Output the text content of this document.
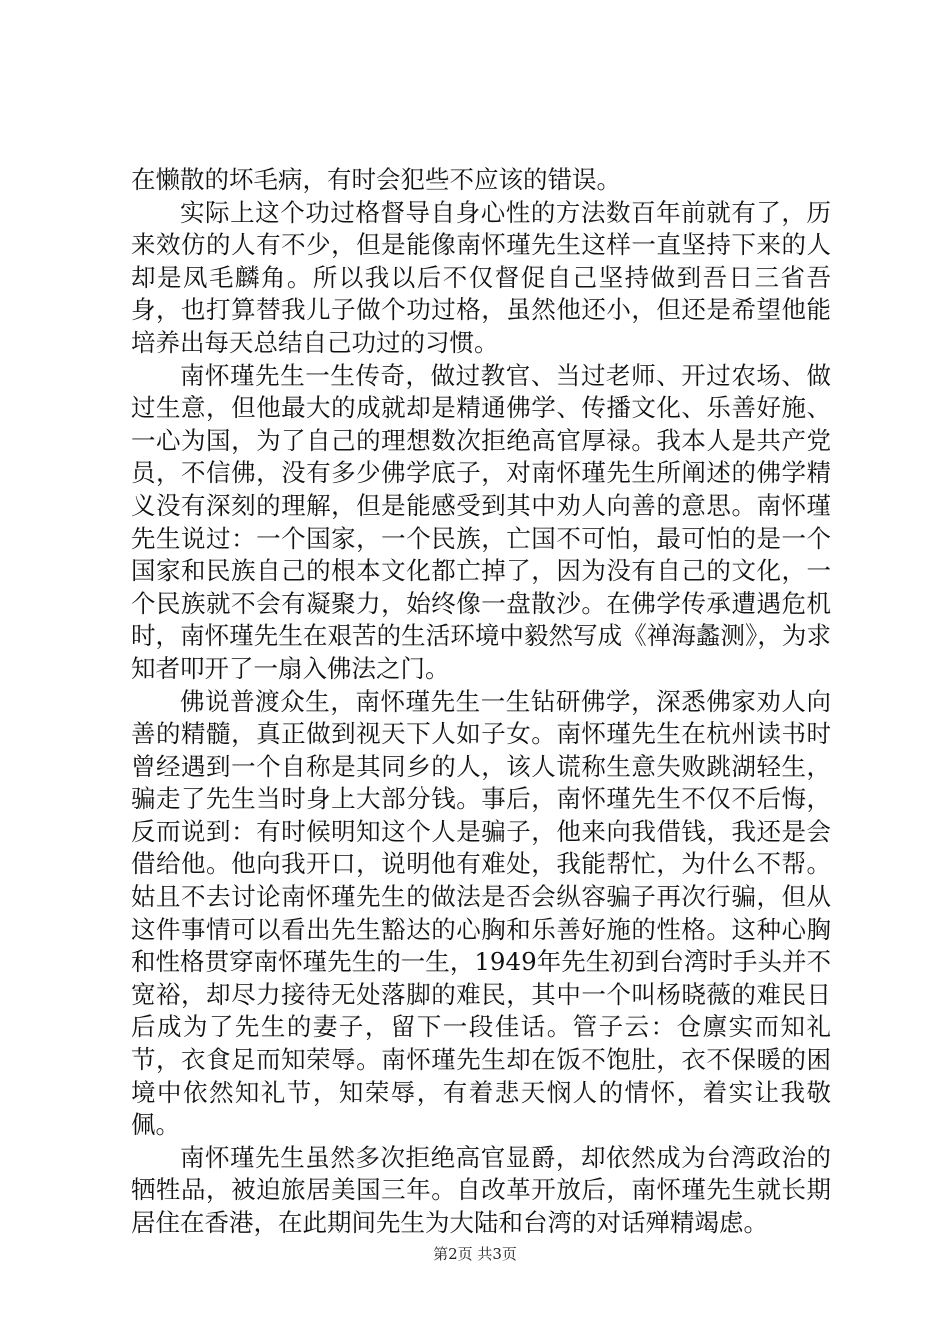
在懒散的坏毛病，有时会犯些不应该的错误。

实际上这个功过格督导自身心性的方法数百年前就有了，历来效仿的人有不少，但是能像南怀瑾先生这样一直坚持下来的人却是凤毛麟角。所以我以后不仅督促自己坚持做到吾日三省吾身，也打算替我儿子做个功过格，虽然他还小，但还是希望他能培养出每天总结自己功过的习惯。

南怀瑾先生一生传奇，做过教官、当过老师、开过农场、做过生意，但他最大的成就却是精通佛学、传播文化、乐善好施、一心为国，为了自己的理想数次拒绝高官厚禄。我本人是共产党员，不信佛，没有多少佛学底子，对南怀瑾先生所阐述的佛学精义没有深刻的理解，但是能感受到其中劝人向善的意思。南怀瑾先生说过：一个国家，一个民族，亡国不可怕，最可怕的是一个国家和民族自己的根本文化都亡掉了，因为没有自己的文化，一个民族就不会有凝聚力，始终像一盘散沙。在佛学传承遭遇危机时，南怀瑾先生在艰苦的生活环境中毅然写成《禅海蠡测》，为求知者叩开了一扇入佛法之门。

佛说普渡众生，南怀瑾先生一生钻研佛学，深悉佛家劝人向善的精髓，真正做到视天下人如子女。南怀瑾先生在杭州读书时曾经遇到一个自称是其同乡的人，该人谎称生意失败跳湖轻生，骗走了先生当时身上大部分钱。事后，南怀瑾先生不仅不后悔，反而说到：有时候明知这个人是骗子，他来向我借钱，我还是会借给他。他向我开口，说明他有难处，我能帮忙，为什么不帮。姑且不去讨论南怀瑾先生的做法是否会纵容骗子再次行骗，但从这件事情可以看出先生豁达的心胸和乐善好施的性格。这种心胸和性格贯穿南怀瑾先生的一生，1949年先生初到台湾时手头并不宽裕，却尽力接待无处落脚的难民，其中一个叫杨晓薇的难民日后成为了先生的妻子，留下一段佳话。管子云：仓廪实而知礼节，衣食足而知荣辱。南怀瑾先生却在饭不饱肚，衣不保暖的困境中依然知礼节，知荣辱，有着悲天悯人的情怀，着实让我敬佩。

南怀瑾先生虽然多次拒绝高官显爵，却依然成为台湾政治的牺牲品，被迫旅居美国三年。自改革开放后，南怀瑾先生就长期居住在香港，在此期间先生为大陆和台湾的对话殚精竭虑。

第2页 共3页
